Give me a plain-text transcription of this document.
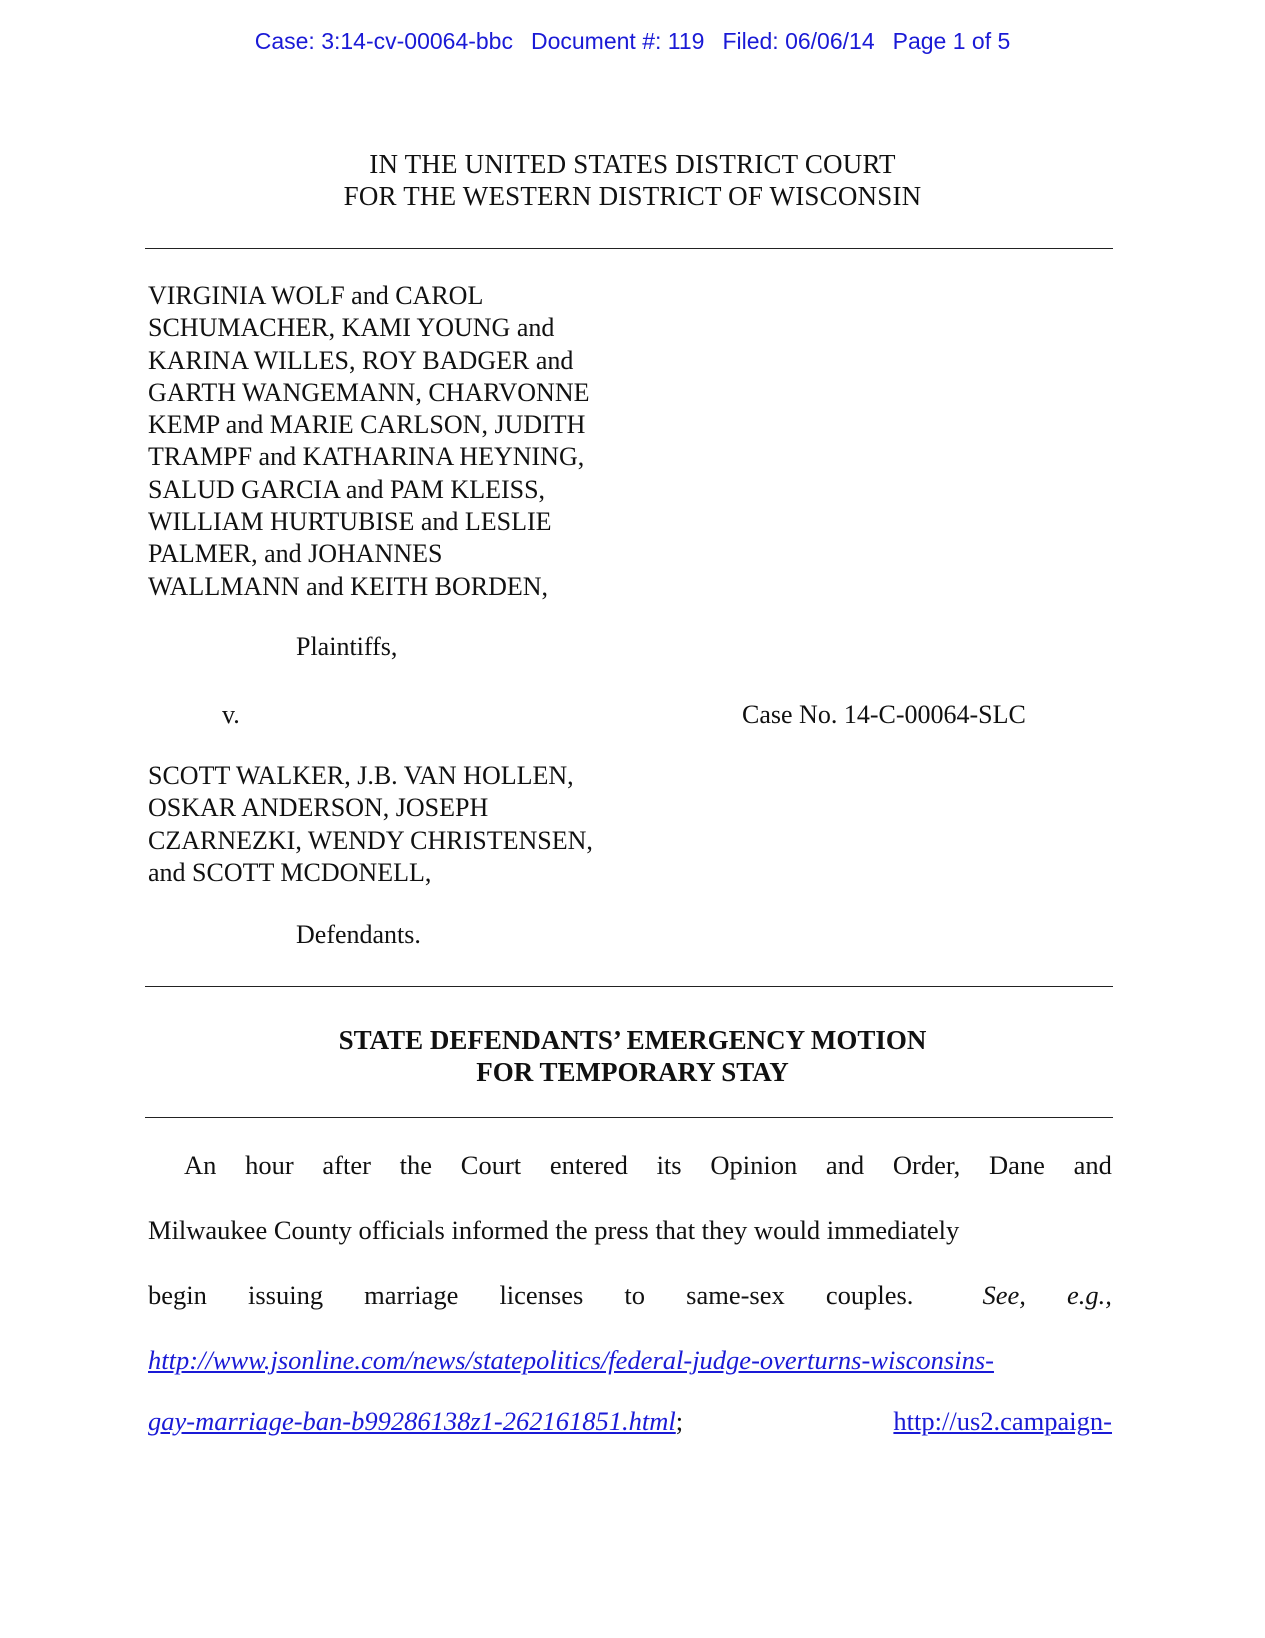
Case: 3:14-cv-00064-bbc Document #: 119 Filed: 06/06/14 Page 1 of 5
IN THE UNITED STATES DISTRICT COURT
FOR THE WESTERN DISTRICT OF WISCONSIN
VIRGINIA WOLF and CAROL
SCHUMACHER, KAMI YOUNG and
KARINA WILLES, ROY BADGER and
GARTH WANGEMANN, CHARVONNE
KEMP and MARIE CARLSON, JUDITH
TRAMPF and KATHARINA HEYNING,
SALUD GARCIA and PAM KLEISS,
WILLIAM HURTUBISE and LESLIE
PALMER, and JOHANNES
WALLMANN and KEITH BORDEN,
Plaintiffs,
v.	Case No. 14-C-00064-SLC
SCOTT WALKER, J.B. VAN HOLLEN,
OSKAR ANDERSON, JOSEPH
CZARNEZKI, WENDY CHRISTENSEN,
and SCOTT MCDONELL,
Defendants.
STATE DEFENDANTS’ EMERGENCY MOTION
FOR TEMPORARY STAY
An hour after the Court entered its Opinion and Order, Dane and
Milwaukee County officials informed the press that they would immediately
begin issuing marriage licenses to same-sex couples.	See, e.g.,
http://www.jsonline.com/news/statepolitics/federal-judge-overturns-wisconsins-
gay-marriage-ban-b99286138z1-262161851.html;	http://us2.campaign-
